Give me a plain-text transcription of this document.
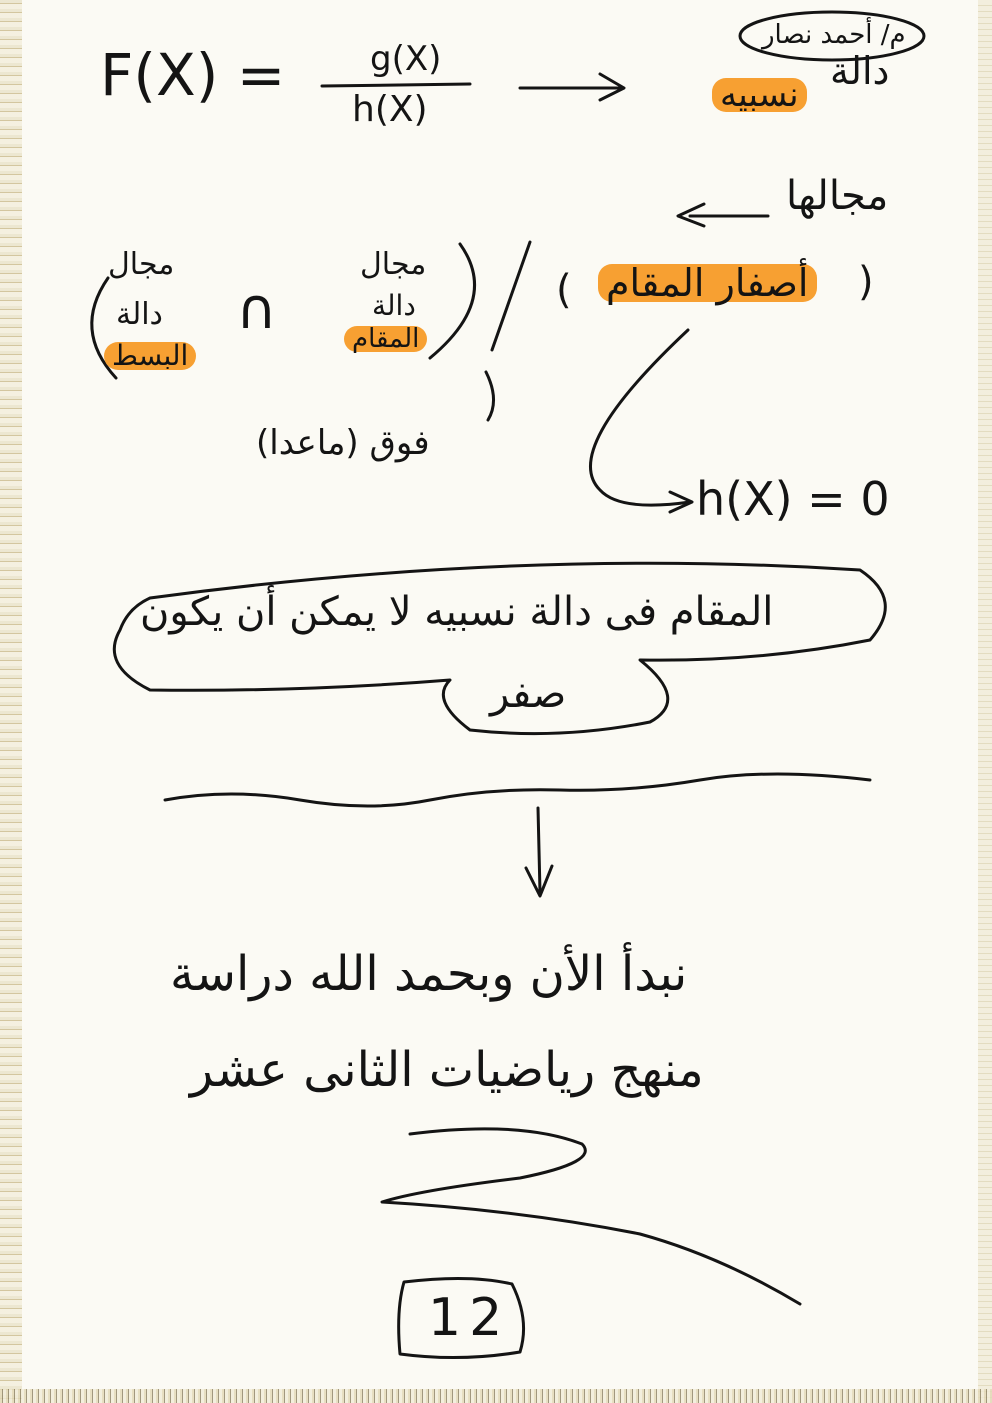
م/ أحمد نصار
F(X) = g(X)
h(X)
دالة
نسبيه
مجالها
مجال
دالة
البسط
∩
مجال
دالة
المقام
فوق (ماعدا)
( أصفار المقام )
h(X) = 0
المقام فى دالة نسبيه لا يمكن أن يكون
صفر
نبدأ الأن وبحمد الله دراسة
منهج رياضيات الثانى عشر
12
